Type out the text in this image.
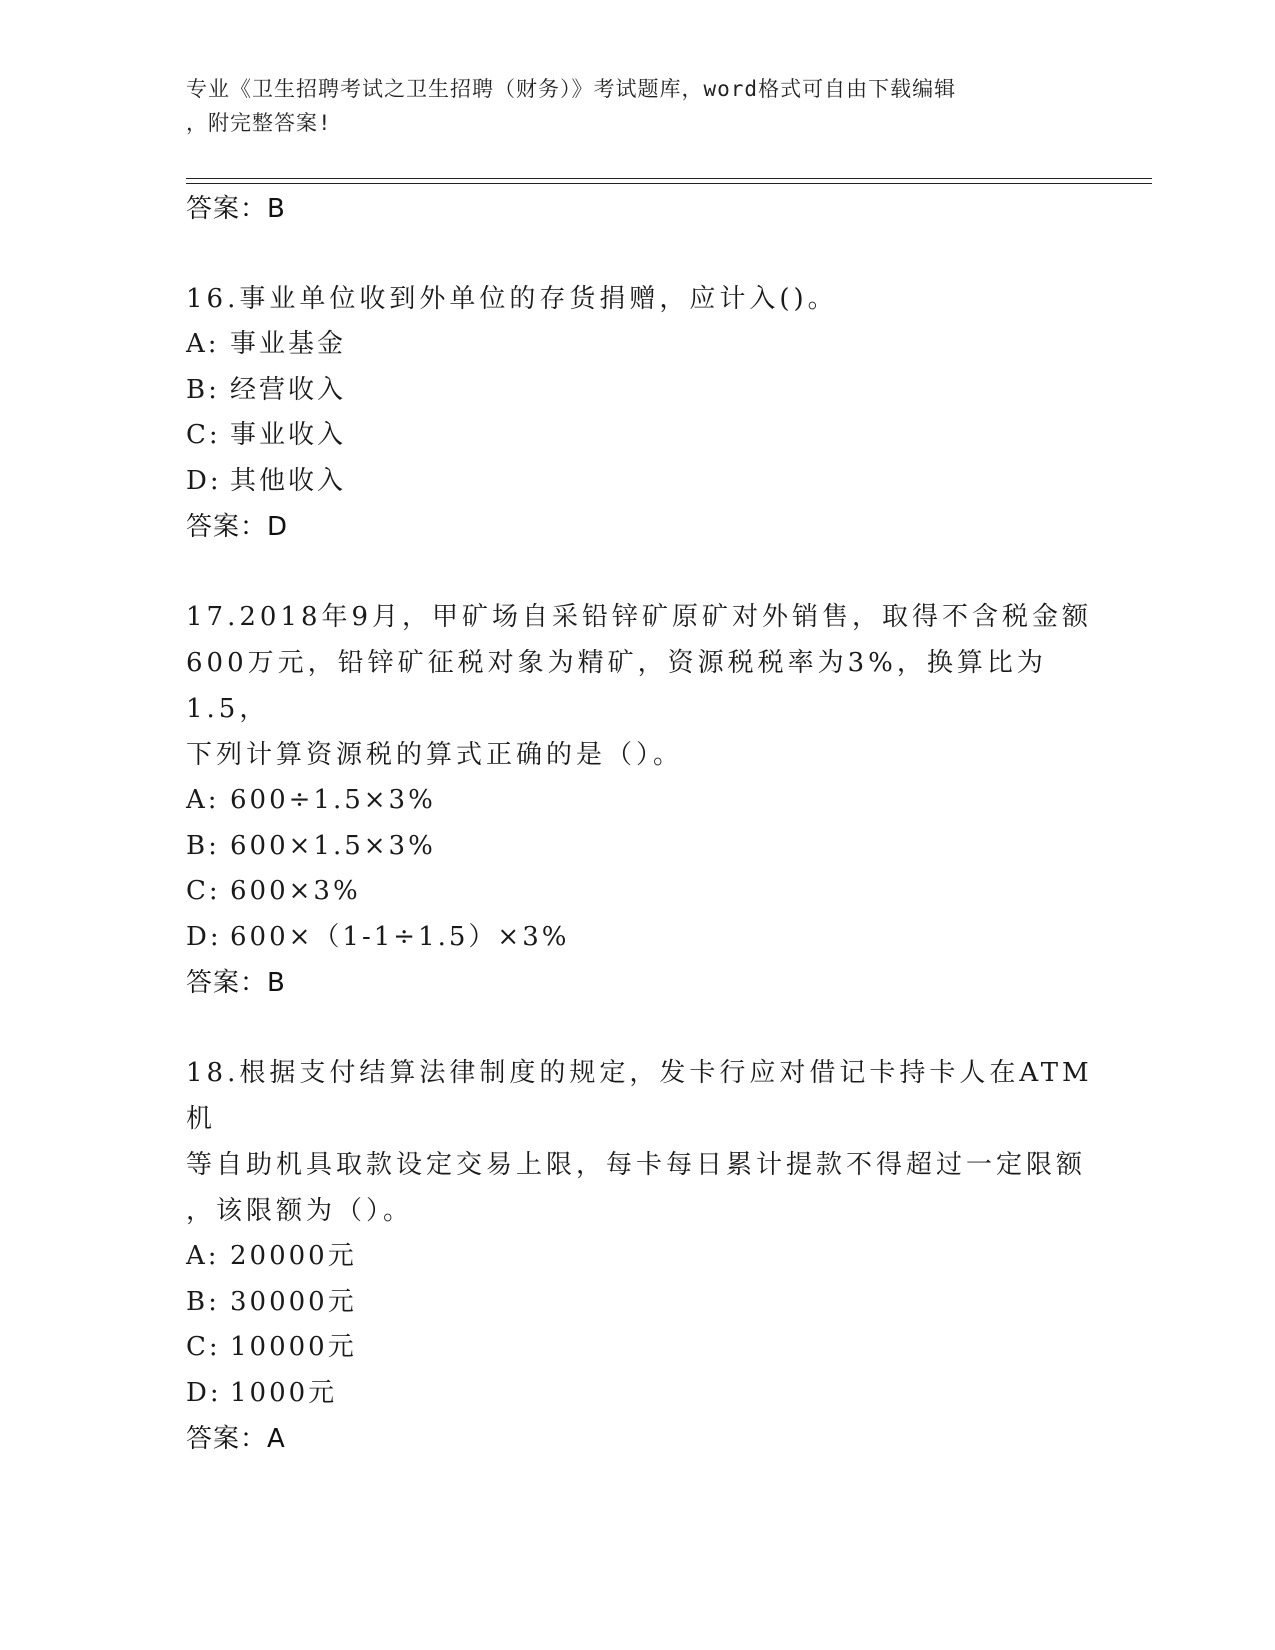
专业《卫生招聘考试之卫生招聘（财务）》考试题库，word格式可自由下载编辑
，附完整答案!
答案：B
16.事业单位收到外单位的存货捐赠，应计入()。
A: 事业基金
B: 经营收入
C: 事业收入
D: 其他收入
答案：D
17.2018年9月，甲矿场自采铅锌矿原矿对外销售，取得不含税金额
600万元，铅锌矿征税对象为精矿，资源税税率为3%，换算比为1.5，
下列计算资源税的算式正确的是（）。
A: 600÷1.5×3%
B: 600×1.5×3%
C: 600×3%
D: 600×（1-1÷1.5）×3%
答案：B
18.根据支付结算法律制度的规定，发卡行应对借记卡持卡人在ATM机
等自助机具取款设定交易上限，每卡每日累计提款不得超过一定限额
，该限额为（）。
A: 20000元
B: 30000元
C: 10000元
D: 1000元
答案：A
